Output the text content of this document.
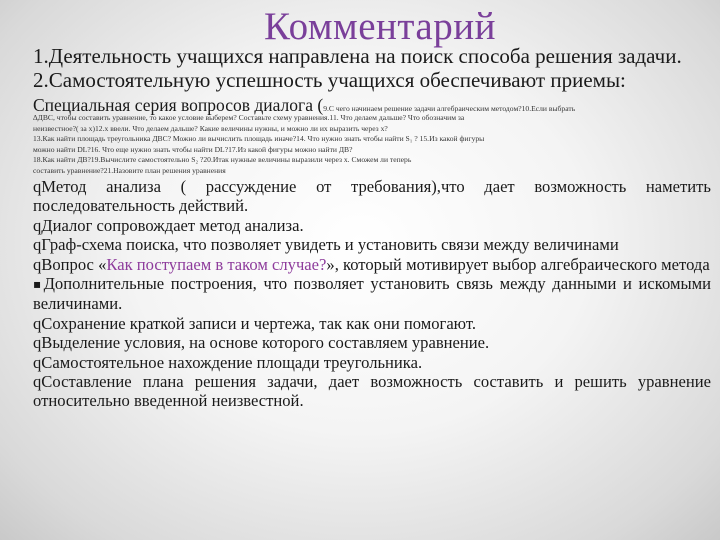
Комментарий

1.Деятельность учащихся направлена на поиск способа решения задачи.

2.Самостоятельную успешность учащихся обеспечивают приемы:

Специальная серия вопросов диалога (9.С чего начинаем решение задачи алгебраическим методом?10.Если выбрать

∆ДВС, чтобы составить уравнение, то какое условие выберем? Составьте схему уравнения.11. Что делаем дальше? Что обозначим за

неизвестное?( за х)12.х ввели. Что делаем дальше? Какие величины нужны, и можно ли их выразить через х?

13.Как найти площадь треугольника ДВС? Можно ли вычислить площадь иначе?14. Что нужно знать чтобы найти S₁ ? 15.Из какой фигуры

можно найти DL?16. Что еще нужно знать чтобы найти DL?17.Из какой фигуры можно найти ДВ?

18.Как найти ДВ?19.Вычислите самостоятельно S₂ ?20.Итак нужные величины выразили через х. Сможем ли теперь

составить уравнение?21.Назовите план решения уравнения

qМетод анализа ( рассуждение от требования),что дает возможность наметить последовательность действий.

qДиалог сопровождает метод анализа.

qГраф-схема поиска, что позволяет увидеть и установить связи между величинами

qВопрос «Как поступаем в таком случае?», который мотивирует выбор алгебраического метода

▪Дополнительные построения, что позволяет установить связь между данными и искомыми величинами.

qСохранение краткой записи и чертежа, так как они помогают.

qВыделение условия, на основе которого составляем уравнение.

qСамостоятельное нахождение площади треугольника.

qСоставление плана решения задачи, дает возможность составить и решить уравнение относительно введенной неизвестной.
